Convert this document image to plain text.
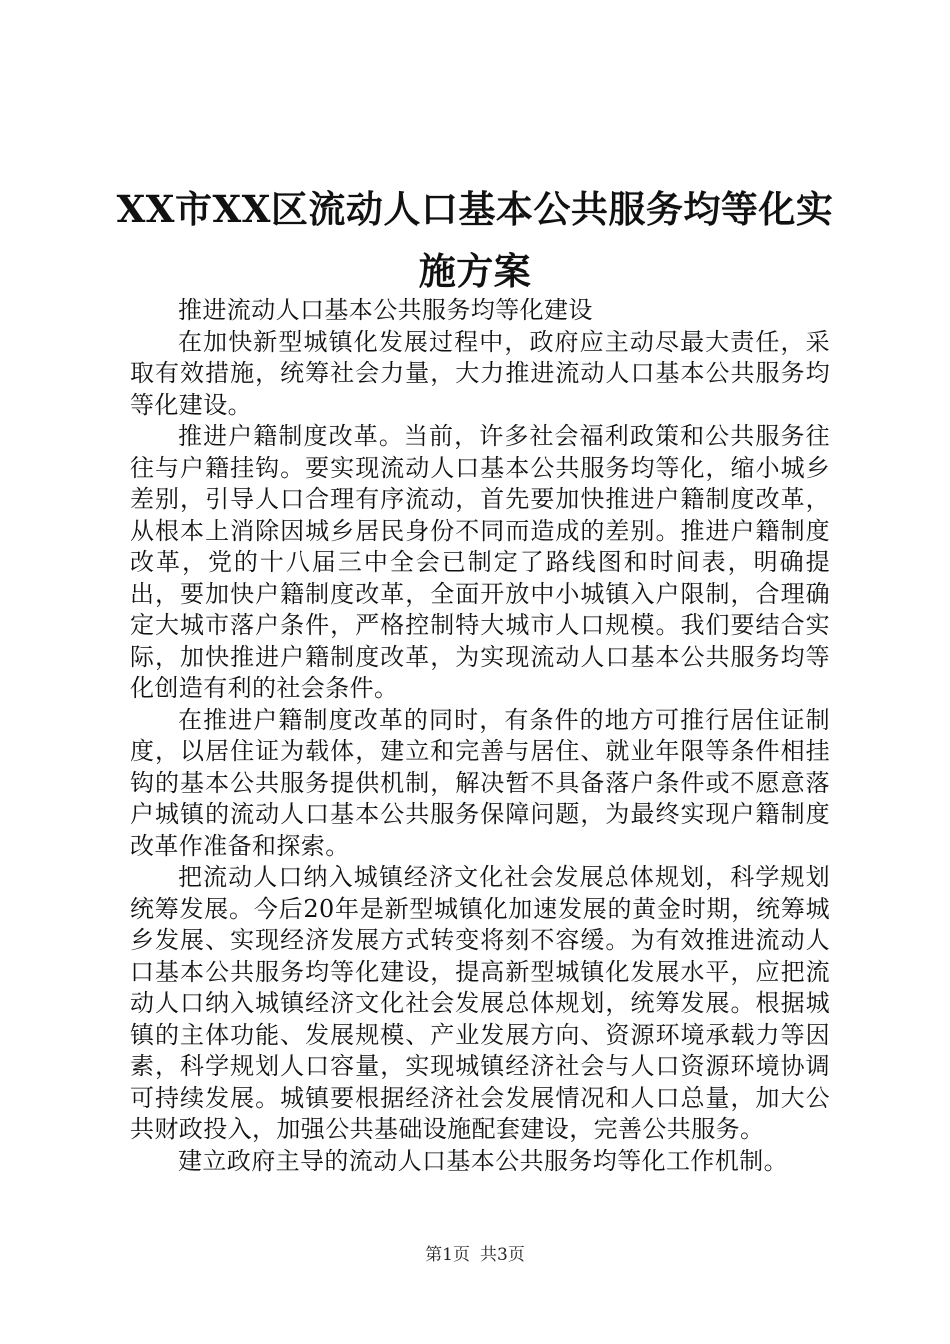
XX市XX区流动人口基本公共服务均等化实施方案

推进流动人口基本公共服务均等化建设

在加快新型城镇化发展过程中，政府应主动尽最大责任，采取有效措施，统筹社会力量，大力推进流动人口基本公共服务均等化建设。

推进户籍制度改革。当前，许多社会福利政策和公共服务往往与户籍挂钩。要实现流动人口基本公共服务均等化，缩小城乡差别，引导人口合理有序流动，首先要加快推进户籍制度改革，从根本上消除因城乡居民身份不同而造成的差别。推进户籍制度改革，党的十八届三中全会已制定了路线图和时间表，明确提出，要加快户籍制度改革，全面开放中小城镇入户限制，合理确定大城市落户条件，严格控制特大城市人口规模。我们要结合实际，加快推进户籍制度改革，为实现流动人口基本公共服务均等化创造有利的社会条件。

在推进户籍制度改革的同时，有条件的地方可推行居住证制度，以居住证为载体，建立和完善与居住、就业年限等条件相挂钩的基本公共服务提供机制，解决暂不具备落户条件或不愿意落户城镇的流动人口基本公共服务保障问题，为最终实现户籍制度改革作准备和探索。

把流动人口纳入城镇经济文化社会发展总体规划，科学规划统筹发展。今后20年是新型城镇化加速发展的黄金时期，统筹城乡发展、实现经济发展方式转变将刻不容缓。为有效推进流动人口基本公共服务均等化建设，提高新型城镇化发展水平，应把流动人口纳入城镇经济文化社会发展总体规划，统筹发展。根据城镇的主体功能、发展规模、产业发展方向、资源环境承载力等因素，科学规划人口容量，实现城镇经济社会与人口资源环境协调可持续发展。城镇要根据经济社会发展情况和人口总量，加大公共财政投入，加强公共基础设施配套建设，完善公共服务。

建立政府主导的流动人口基本公共服务均等化工作机制。

第1页 共3页
